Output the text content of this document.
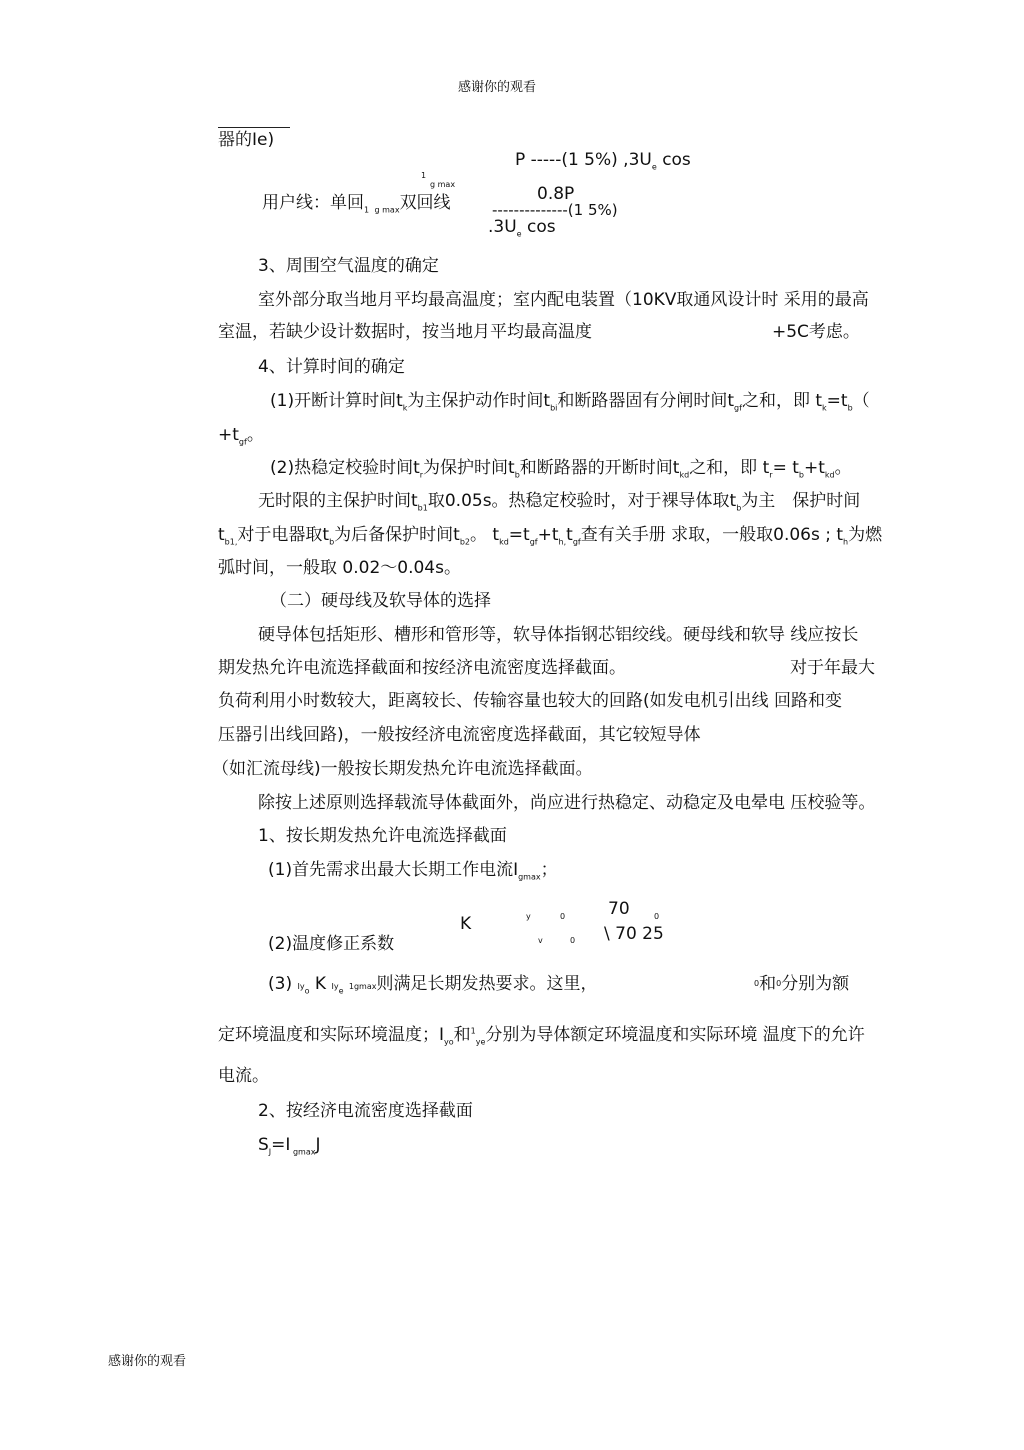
感谢你的观看
器的Ie)
P -----(1 5%) $,3U_e$ cos
1
g max	0.8P
用户线：单回$_1$ $_{g max}$双回线	--------------(1 5%)
$.3U_e$ cos
3、周围空气温度的确定
室外部分取当地月平均最高温度；室内配电装置（10KV取通风设计时 采用的最高
室温，若缺少设计数据时，按当地月平均最高温度	+5C考虑。
4、计算时间的确定
(1)开断计算时间$t_k$为主保护动作时间$t_{bi}$和断路器固有分闸时间$t_{gf}$之和，即 $t_k=t_b$（
$+t_{gf}$。
(2)热稳定校验时间$t_r$为保护时间$t_b$和断路器的开断时间$t_{kd}$之和，即 $t_r= t_b+t_{kd}$。
无时限的主保护时间$t_{b1}$取0.05s。热稳定校验时，对于裸导体取$t_b$为主　保护时间
$t_{b1,}$对于电器取$t_b$为后备保护时间$t_{b2}$。 $t_{kd}=t_{gf}+t_{h,}t_{gf}$查有关手册 求取，一般取0.06s ; $t_h$为燃
弧时间，一般取 0.02～0.04s。
（二）硬母线及软导体的选择
硬导体包括矩形、槽形和管形等，软导体指钢芯铝绞线。硬母线和软导 线应按长
期发热允许电流选择截面和按经济电流密度选择截面。	对于年最大
负荷利用小时数较大，距离较长、传输容量也较大的回路(如发电机引出线 回路和变
压器引出线回路)，一般按经济电流密度选择截面，其它较短导体
（如汇流母线)一般按长期发热允许电流选择截面。
除按上述原则选择载流导体截面外，尚应进行热稳定、动稳定及电晕电 压校验等。
1、按长期发热允许电流选择截面
(1)首先需求出最大长期工作电流$I_{gmax}$；
y	0	70	0
K
v	0 \ 70 25
(2)温度修正系数
(3) $Iy_o$ K $Iy_e$ 1gmax则满足长期发热要求。这里，	$^0$和$^0$分别为额
定环境温度和实际环境温度；$I_{yo}$和$^1_{ye}$分别为导体额定环境温度和实际环境 温度下的允许
电流。
2、按经济电流密度选择截面
$S_J=I$ $_{gmax}$J
感谢你的观看
